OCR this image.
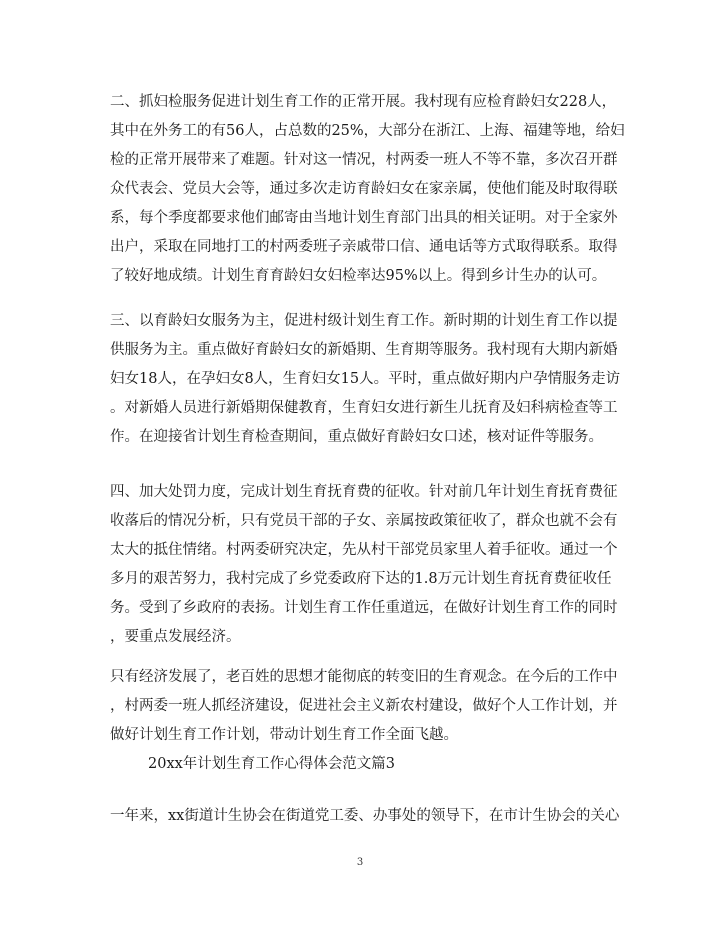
二、抓妇检服务促进计划生育工作的正常开展。我村现有应检育龄妇女228人，
其中在外务工的有56人，占总数的25%，大部分在浙江、上海、福建等地，给妇
检的正常开展带来了难题。针对这一情况，村两委一班人不等不靠，多次召开群
众代表会、党员大会等，通过多次走访育龄妇女在家亲属，使他们能及时取得联
系，每个季度都要求他们邮寄由当地计划生育部门出具的相关证明。对于全家外
出户，采取在同地打工的村两委班子亲戚带口信、通电话等方式取得联系。取得
了较好地成绩。计划生育育龄妇女妇检率达95%以上。得到乡计生办的认可。
三、以育龄妇女服务为主，促进村级计划生育工作。新时期的计划生育工作以提
供服务为主。重点做好育龄妇女的新婚期、生育期等服务。我村现有大期内新婚
妇女18人，在孕妇女8人，生育妇女15人。平时，重点做好期内户孕情服务走访
。对新婚人员进行新婚期保健教育，生育妇女进行新生儿抚育及妇科病检查等工
作。在迎接省计划生育检查期间，重点做好育龄妇女口述，核对证件等服务。
四、加大处罚力度，完成计划生育抚育费的征收。针对前几年计划生育抚育费征
收落后的情况分析，只有党员干部的子女、亲属按政策征收了，群众也就不会有
太大的抵住情绪。村两委研究决定，先从村干部党员家里人着手征收。通过一个
多月的艰苦努力，我村完成了乡党委政府下达的1.8万元计划生育抚育费征收任
务。受到了乡政府的表扬。计划生育工作任重道远，在做好计划生育工作的同时
，要重点发展经济。
只有经济发展了，老百姓的思想才能彻底的转变旧的生育观念。在今后的工作中
，村两委一班人抓经济建设，促进社会主义新农村建设，做好个人工作计划，并
做好计划生育工作计划，带动计划生育工作全面飞越。
20xx年计划生育工作心得体会范文篇3
一年来，xx街道计生协会在街道党工委、办事处的领导下，在市计生协会的关心
3
